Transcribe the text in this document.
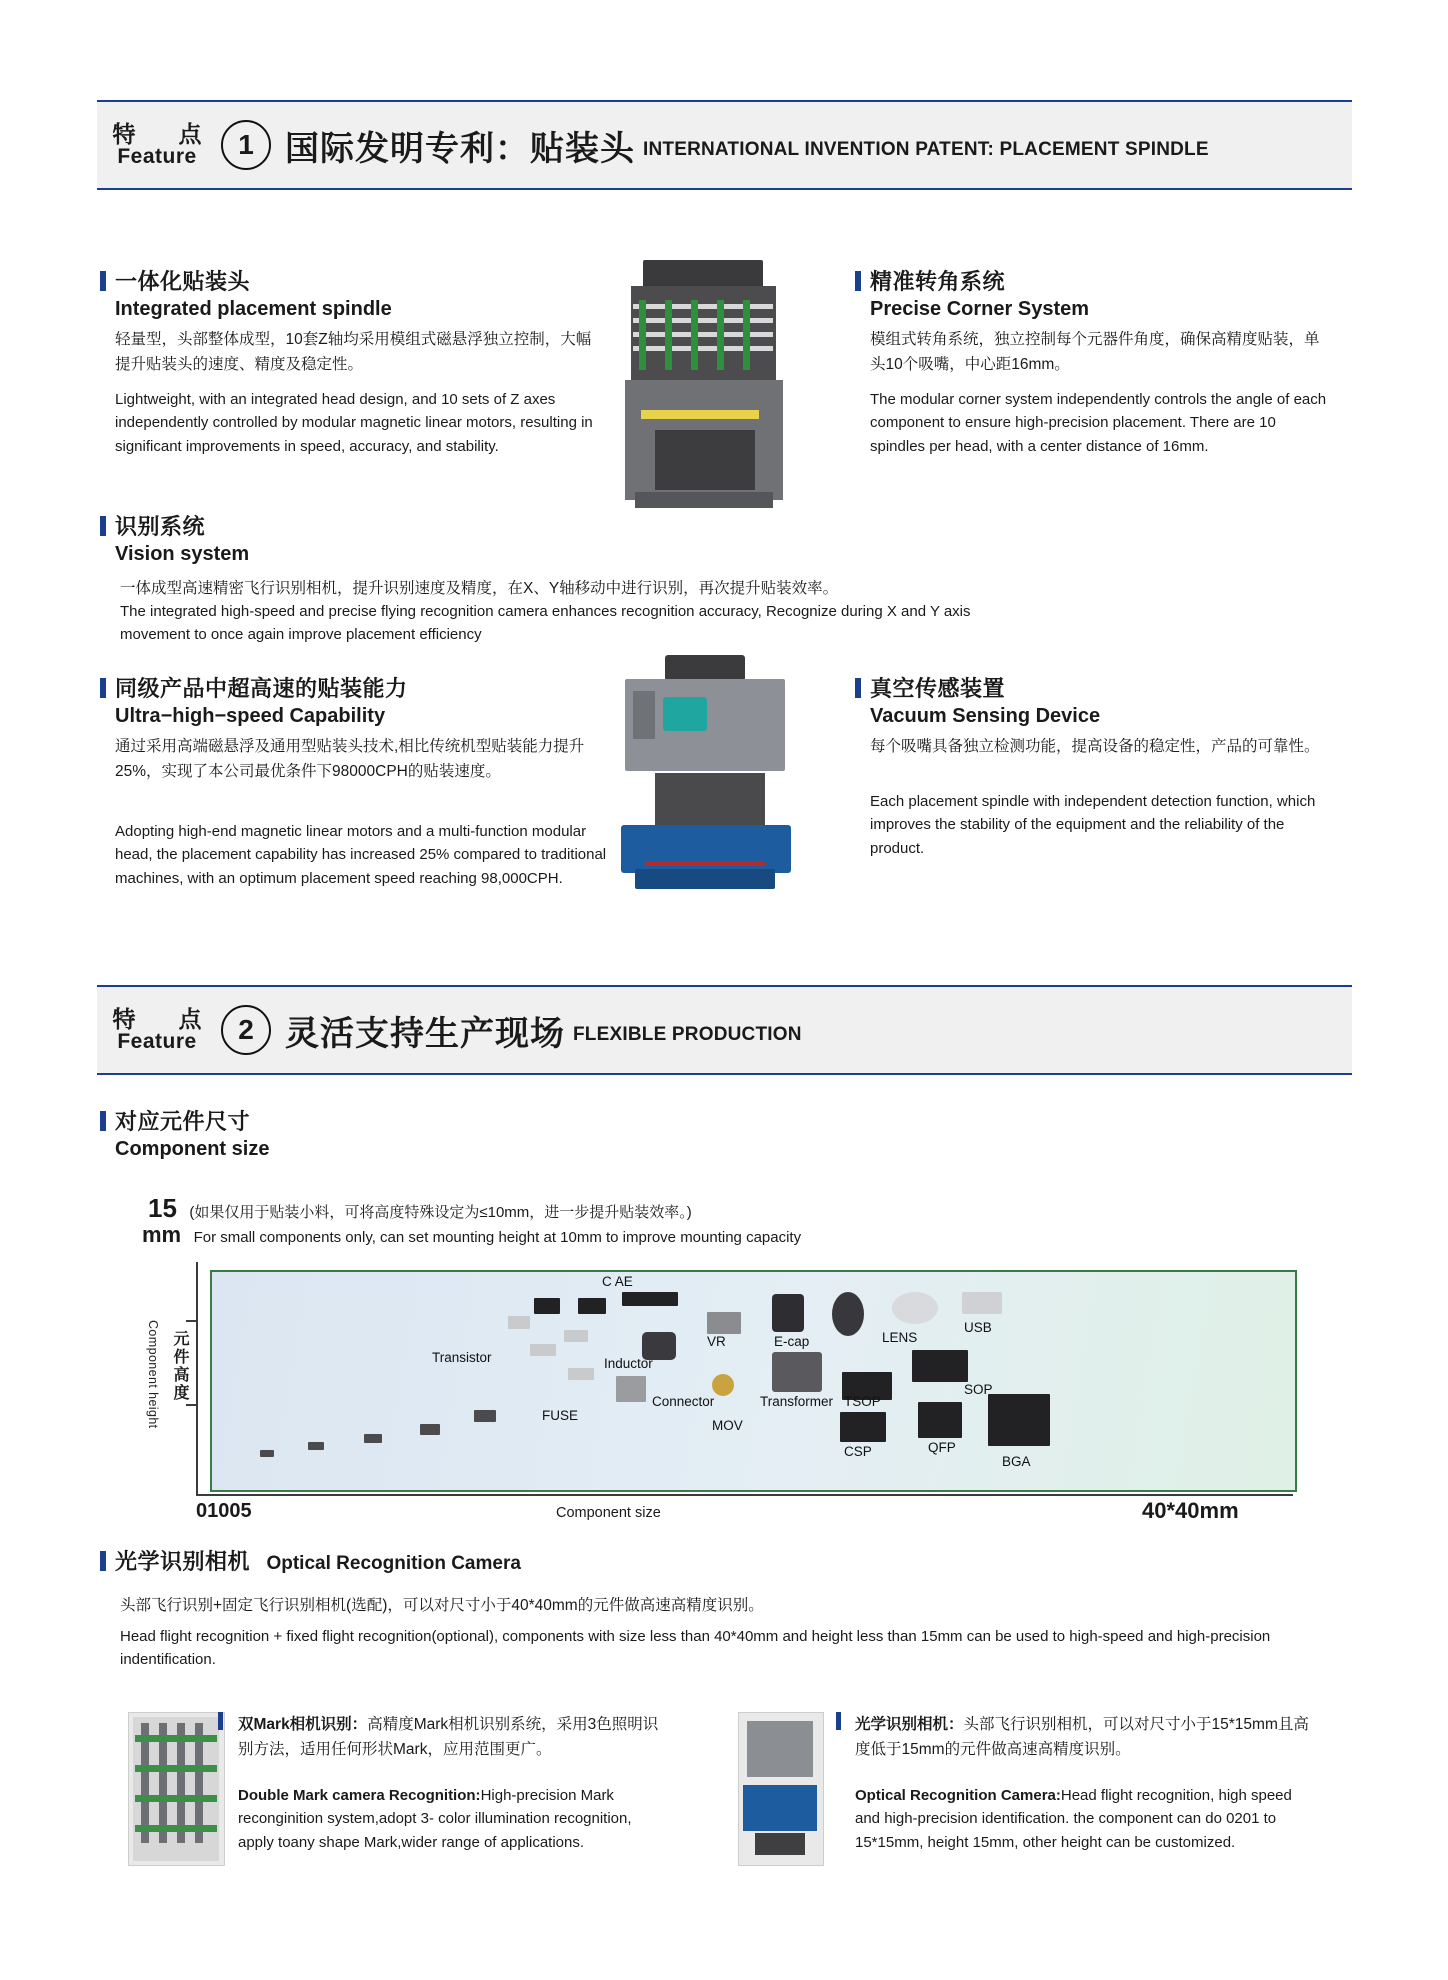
特　点
Feature	1 国际发明专利：贴装头 INTERNATIONAL INVENTION PATENT: PLACEMENT SPINDLE
一体化贴装头
Integrated placement spindle
轻量型，头部整体成型，10套Z轴均采用模组式磁悬浮独立控制，大幅提升贴装头的速度、精度及稳定性。
Lightweight, with an integrated head design, and 10 sets of Z axes independently controlled by modular magnetic linear motors, resulting in significant improvements in speed, accuracy, and stability.
精准转角系统
Precise Corner System
模组式转角系统，独立控制每个元器件角度，确保高精度贴装，单头10个吸嘴，中心距16mm。
The modular corner system independently controls the angle of each component to ensure high-precision placement. There are 10 spindles per head, with a center distance of 16mm.
识别系统
Vision system
一体成型高速精密飞行识别相机，提升识别速度及精度，在X、Y轴移动中进行识别，再次提升贴装效率。
The integrated high-speed and precise flying recognition camera enhances recognition accuracy, Recognize during X and Y axis movement to once again improve placement efficiency
同级产品中超高速的贴装能力
Ultra−high−speed Capability
通过采用高端磁悬浮及通用型贴装头技术,相比传统机型贴装能力提升25%，实现了本公司最优条件下98000CPH的贴装速度。
Adopting high-end magnetic linear motors and a multi-function modular head, the placement capability has increased 25% compared to traditional machines, with an optimum placement speed reaching 98,000CPH.
真空传感装置
Vacuum Sensing Device
每个吸嘴具备独立检测功能，提高设备的稳定性，产品的可靠性。
Each placement spindle with independent detection function, which improves the stability of the equipment and the reliability of the product.
特　点
Feature	2 灵活支持生产现场 FLEXIBLE PRODUCTION
对应元件尺寸
Component size
15 (如果仅用于贴装小料，可将高度特殊设定为≤10mm，进一步提升贴装效率。)
mm For small components only, can set mounting height at 10mm to improve mounting capacity
Transistor
C AE
VR	E-cap	LENS
USB
Inductor
Connector
FUSE
MOV
Transformer TSOP
SOP
CSP	QFP
BGA
元件高度
Component height
01005	Component size	40*40mm
光学识别相机 Optical Recognition Camera
头部飞行识别+固定飞行识别相机(选配)，可以对尺寸小于40*40mm的元件做高速高精度识别。
Head flight recognition + fixed flight recognition(optional), components with size less than 40*40mm and height less than 15mm can be used to high-speed and high-precision indentification.
双Mark相机识别：高精度Mark相机识别系统，采用3色照明识别方法，适用任何形状Mark，应用范围更广。
Double Mark camera Recognition:High-precision Mark reconginition system,adopt 3- color illumination recognition, apply toany shape Mark,wider range of applications.
光学识别相机：头部飞行识别相机，可以对尺寸小于15*15mm且高度低于15mm的元件做高速高精度识别。
Optical Recognition Camera:Head flight recognition, high speed and high-precision identification. the component can do 0201 to 15*15mm, height 15mm, other height can be customized.
